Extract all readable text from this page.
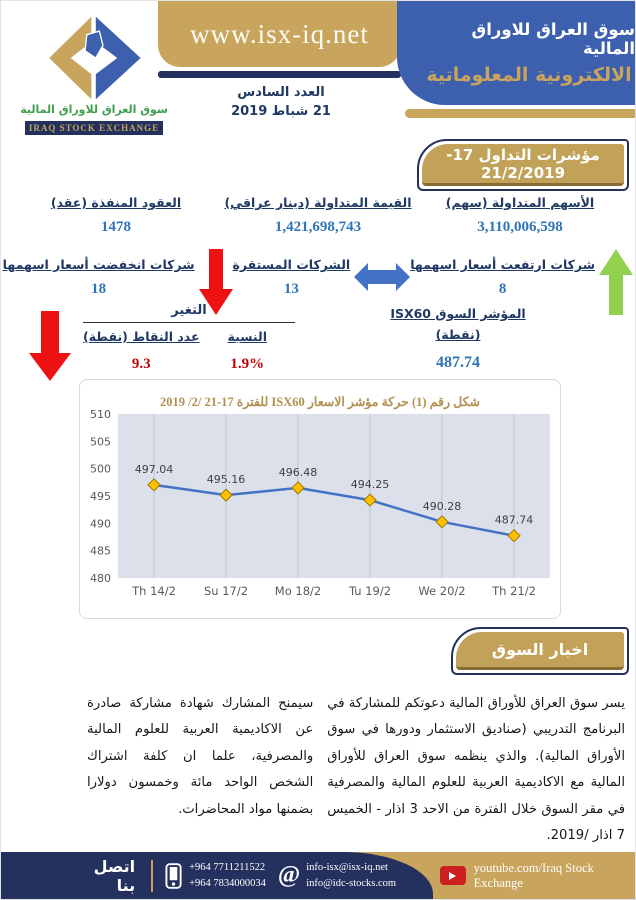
سوق العراق للاوراق المالية
IRAQ STOCK EXCHANGE
www.isx-iq.net
العدد السادس
21 شباط 2019
سوق العراق للاوراق المالية
الالكترونية المعلوماتية
مؤشرات التداول 17-21/2/2019
الأسهم المتداولة (سهم)
3,110,006,598
القيمة المتداولة (دينار عراقي)
1,421,698,743
العقود المنفذة (عقد)
1478
شركات ارتفعت أسعار اسهمها
8
الشركات المستقرة
13
شركات انخفضت أسعار اسهمها
18
المؤشر السوق ISX60
(نقطة)
487.74
التغير
النسبة
1.9%
عدد النقاط (نقطة)
9.3
شكل رقم (1) حركة مؤشر الاسعار ISX60 للفترة 17-21 /2/ 2019
480
485
490
495
500
505
510
Th 14/2 Su 17/2 Mo 18/2 Tu 19/2 We 20/2 Th 21/2
497.04
495.16
496.48
494.25
490.28
487.74
اخبار السوق
يسر سوق العراق للأوراق المالية دعوتكم للمشاركة في البرنامج التدريبي (صناديق الاستثمار ودورها في سوق الأوراق المالية). والذي ينظمه سوق العراق للأوراق المالية مع الاكاديمية العربية للعلوم المالية والمصرفية في مقر السوق خلال الفترة من الاحد 3 اذار - الخميس 7 اذار /2019.
سيمنح المشارك شهادة مشاركة صادرة عن الاكاديمية العربية للعلوم المالية والمصرفية، علما ان كلفة اشتراك الشخص الواحد مائة وخمسون دولارا بضمنها مواد المحاضرات.
اتصل بنا
+964 7711211522
+964 7834000034 @ info-isx@isx-iq.net
info@idc-stocks.com
youtube.com/Iraq Stock Exchange
